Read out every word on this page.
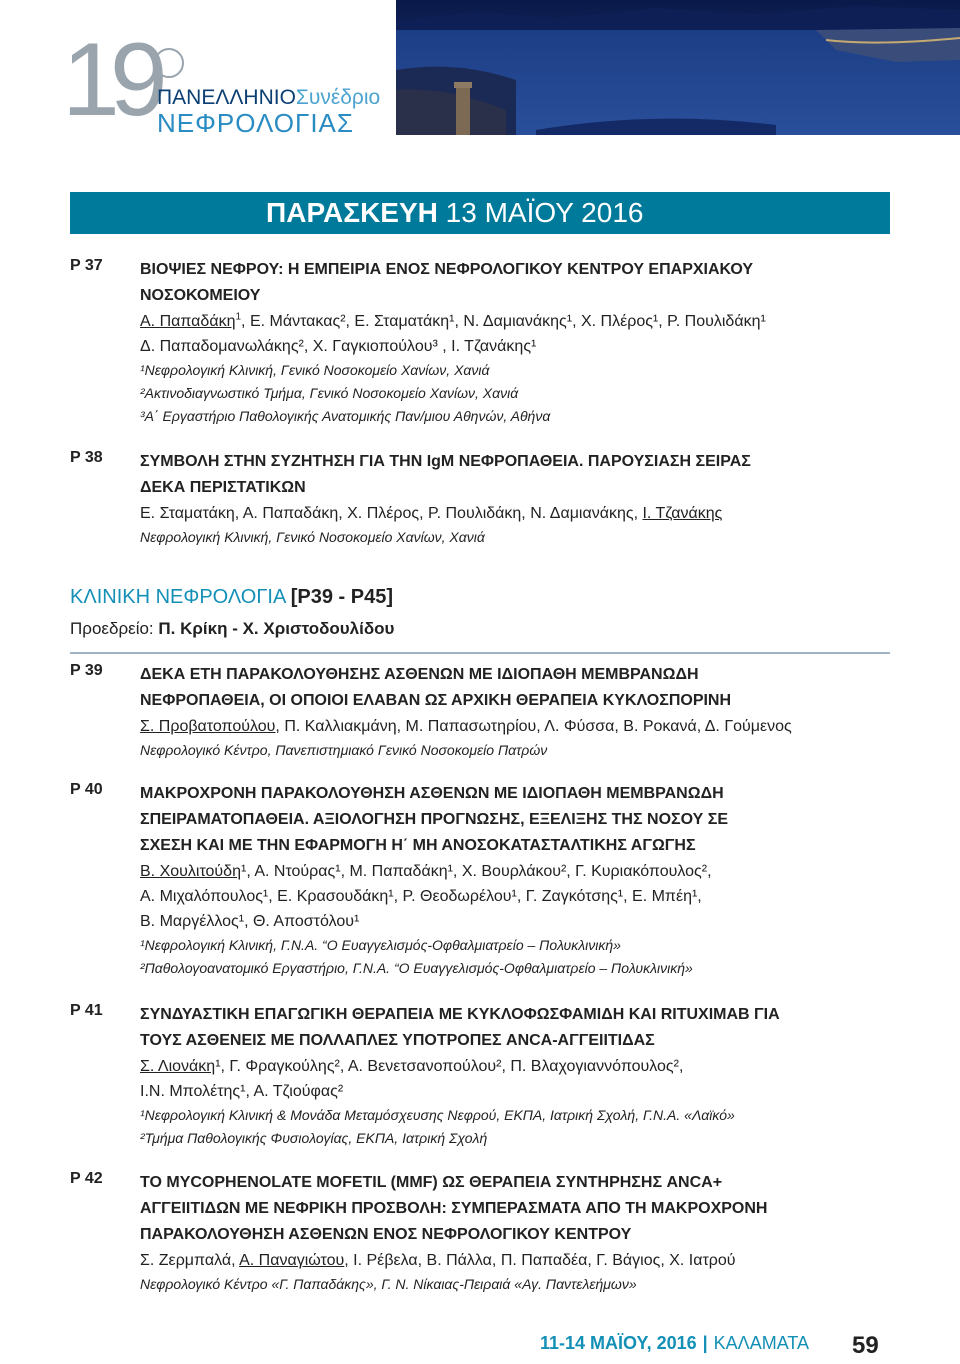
19 ΠΑΝΕΛΛΗΝΙΟΣυνέδριο
ΝΕΦΡΟΛΟΓΙΑΣ
ΠΑΡΑΣΚΕΥΗ 13 ΜΑΪΟΥ 2016
P 37	ΒΙΟΨΙΕΣ ΝΕΦΡΟΥ: Η ΕΜΠΕΙΡΙΑ ΕΝΟΣ ΝΕΦΡΟΛΟΓΙΚΟΥ ΚΕΝΤΡΟΥ ΕΠΑΡΧΙΑΚΟΥ
ΝΟΣΟΚΟΜΕΙΟΥ
Α. Παπαδάκη$^1$, Ε. Μάντακας², Ε. Σταματάκη¹, Ν. Δαμιανάκης¹, Χ. Πλέρος¹, Ρ. Πουλιδάκη¹
Δ. Παπαδομανωλάκης², Χ. Γαγκιοπούλου³ , Ι. Τζανάκης¹
¹Νεφρολογική Κλινική, Γενικό Νοσοκομείο Χανίων, Χανιά
²Ακτινοδιαγνωστικό Τμήμα, Γενικό Νοσοκομείο Χανίων, Χανιά
³Α΄ Εργαστήριο Παθολογικής Ανατομικής Παν/μιου Αθηνών, Αθήνα
P 38	ΣΥΜΒΟΛΗ ΣΤΗΝ ΣΥΖΗΤΗΣΗ ΓΙΑ ΤΗΝ IgM ΝΕΦΡΟΠΑΘΕΙΑ. ΠΑΡΟΥΣΙΑΣΗ ΣΕΙΡΑΣ
ΔΕΚΑ ΠΕΡΙΣΤΑΤΙΚΩΝ
Ε. Σταματάκη, Α. Παπαδάκη, Χ. Πλέρος, Ρ. Πουλιδάκη, Ν. Δαμιανάκης, Ι. Τζανάκης
Νεφρολογική Κλινική, Γενικό Νοσοκομείο Χανίων, Χανιά
ΚΛΙΝΙΚΗ ΝΕΦΡΟΛΟΓΙΑ [P39 - P45]
Προεδρείο: Π. Κρίκη - Χ. Χριστοδουλίδου
P 39	ΔΕΚΑ ΕΤΗ ΠΑΡΑΚΟΛΟΥΘΗΣΗΣ ΑΣΘΕΝΩΝ ΜΕ ΙΔΙΟΠΑΘΗ ΜΕΜΒΡΑΝΩΔΗ
ΝΕΦΡΟΠΑΘΕΙΑ, ΟΙ ΟΠΟΙΟΙ ΕΛΑΒΑΝ ΩΣ ΑΡΧΙΚΗ ΘΕΡΑΠΕΙΑ ΚΥΚΛΟΣΠΟΡΙΝΗ
Σ. Προβατοπούλου, Π. Καλλιακμάνη, Μ. Παπασωτηρίου, Λ. Φύσσα, Β. Ροκανά, Δ. Γούμενος
Νεφρολογικό Κέντρο, Πανεπιστημιακό Γενικό Νοσοκομείο Πατρών
P 40	ΜΑΚΡΟΧΡΟΝΗ ΠΑΡΑΚΟΛΟΥΘΗΣΗ ΑΣΘΕΝΩΝ ΜΕ ΙΔΙΟΠΑΘΗ ΜΕΜΒΡΑΝΩΔΗ
ΣΠΕΙΡΑΜΑΤΟΠΑΘΕΙΑ. ΑΞΙΟΛΟΓΗΣΗ ΠΡΟΓΝΩΣΗΣ, ΕΞΕΛΙΞΗΣ ΤΗΣ ΝΟΣΟΥ ΣΕ
ΣΧΕΣΗ ΚΑΙ ΜΕ ΤΗΝ ΕΦΑΡΜΟΓΗ Η΄ ΜΗ ΑΝΟΣΟΚΑΤΑΣΤΑΛΤΙΚΗΣ ΑΓΩΓΗΣ
Β. Χουλιτούδη¹, Α. Ντούρας¹, Μ. Παπαδάκη¹, Χ. Βουρλάκου², Γ. Κυριακόπουλος²,
Α. Μιχαλόπουλος¹, Ε. Κρασουδάκη¹, Ρ. Θεοδωρέλου¹, Γ. Ζαγκότσης¹, Ε. Μπέη¹,
Β. Μαργέλλος¹, Θ. Αποστόλου¹
¹Νεφρολογική Κλινική, Γ.Ν.Α. “Ο Ευαγγελισμός-Οφθαλμιατρείο – Πολυκλινική»
²Παθολογοανατομικό Εργαστήριο, Γ.Ν.Α. “Ο Ευαγγελισμός-Οφθαλμιατρείο – Πολυκλινική»
P 41	ΣΥΝΔΥΑΣΤΙΚΗ ΕΠΑΓΩΓΙΚΗ ΘΕΡΑΠΕΙΑ ΜΕ ΚΥΚΛΟΦΩΣΦΑΜΙΔΗ ΚΑΙ RITUXIMAB ΓΙΑ
ΤΟΥΣ ΑΣΘΕΝΕΙΣ ΜΕ ΠΟΛΛΑΠΛΕΣ ΥΠΟΤΡΟΠΕΣ ANCA-ΑΓΓΕΙΙΤΙΔΑΣ
Σ. Λιονάκη¹, Γ. Φραγκούλης², Α. Βενετσανοπούλου², Π. Βλαχογιαννόπουλος²,
Ι.Ν. Μπολέτης¹, Α. Τζιούφας²
¹Νεφρολογική Κλινική & Μονάδα Μεταμόσχευσης Νεφρού, ΕΚΠΑ, Ιατρική Σχολή, Γ.Ν.Α. «Λαϊκό»
²Τμήμα Παθολογικής Φυσιολογίας, ΕΚΠΑ, Ιατρική Σχολή
P 42	ΤΟ MYCOPHENOLATE MOFETIL (MMF) ΩΣ ΘΕΡΑΠΕΙΑ ΣΥΝΤΗΡΗΣΗΣ ANCA+
ΑΓΓΕΙΙΤΙΔΩΝ ΜΕ ΝΕΦΡΙΚΗ ΠΡΟΣΒΟΛΗ: ΣΥΜΠΕΡΑΣΜΑΤΑ ΑΠΟ ΤΗ ΜΑΚΡΟΧΡΟΝΗ
ΠΑΡΑΚΟΛΟΥΘΗΣΗ ΑΣΘΕΝΩΝ ΕΝΟΣ ΝΕΦΡΟΛΟΓΙΚΟΥ ΚΕΝΤΡΟΥ
Σ. Ζερμπαλά, Α. Παναγιώτου, Ι. Ρέβελα, Β. Πάλλα, Π. Παπαδέα, Γ. Βάγιος, Χ. Ιατρού
Νεφρολογικό Κέντρο «Γ. Παπαδάκης», Γ. Ν. Νίκαιας-Πειραιά «Αγ. Παντελεήμων»
11-14 ΜΑΪΟΥ, 2016 | ΚΑΛΑΜΑΤΑ 59
